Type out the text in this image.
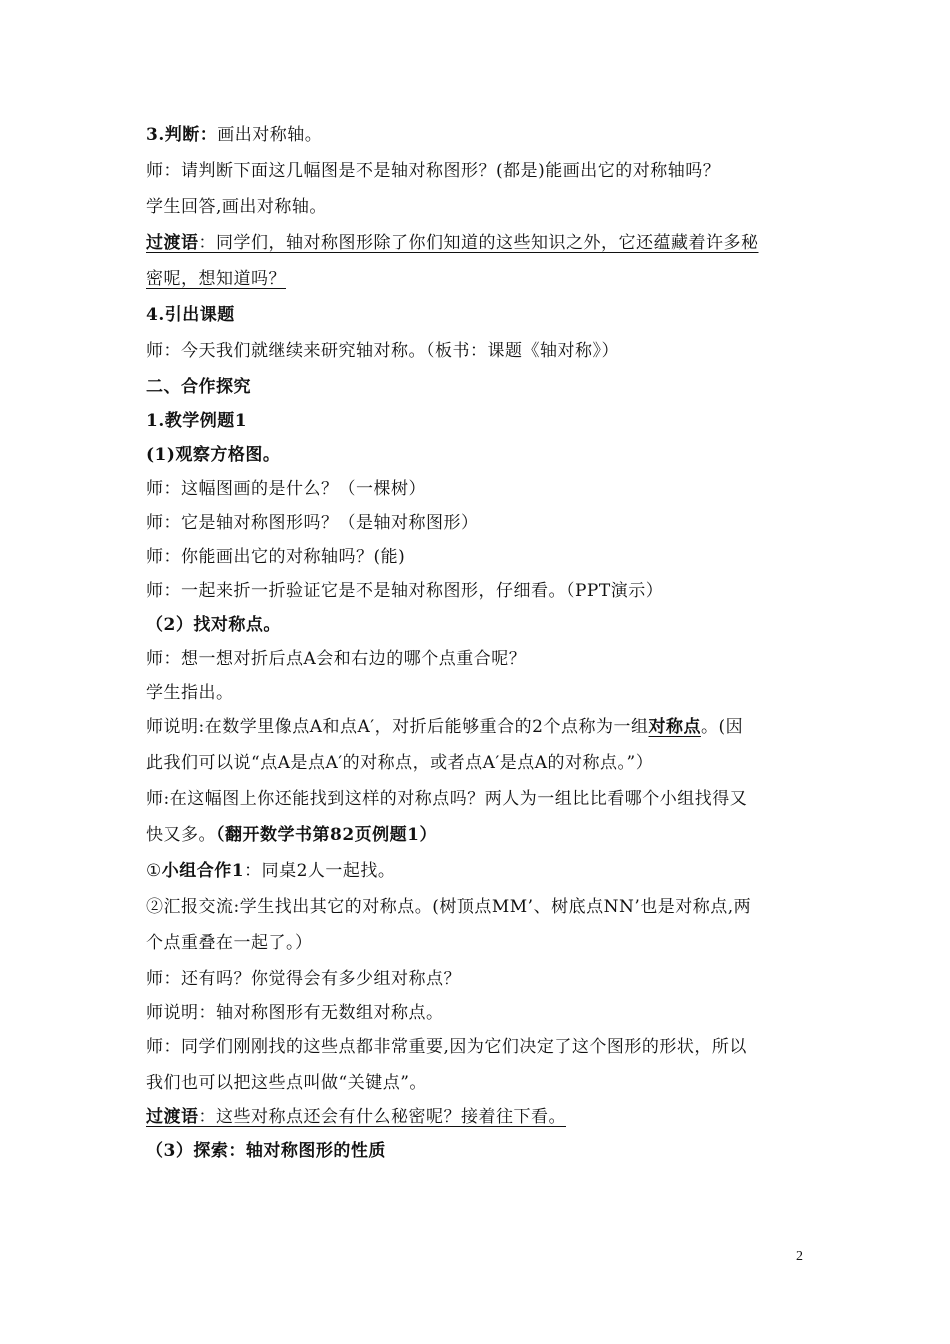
3.判断：画出对称轴。
师：请判断下面这几幅图是不是轴对称图形？(都是)能画出它的对称轴吗？
学生回答,画出对称轴。
过渡语：同学们，轴对称图形除了你们知道的这些知识之外，它还蕴藏着许多秘
密呢，想知道吗？
4.引出课题
师：今天我们就继续来研究轴对称。（板书：课题《轴对称》）
二、合作探究
1.教学例题1
(1)观察方格图。
师：这幅图画的是什么？（一棵树）
师：它是轴对称图形吗？（是轴对称图形）
师：你能画出它的对称轴吗？(能)
师：一起来折一折验证它是不是轴对称图形，仔细看。（PPT演示）
（2）找对称点。
师：想一想对折后点A会和右边的哪个点重合呢？
学生指出。
师说明:在数学里像点A和点A′，对折后能够重合的2个点称为一组对称点。(因
此我们可以说“点A是点A′的对称点，或者点A′是点A的对称点。”）
师:在这幅图上你还能找到这样的对称点吗？两人为一组比比看哪个小组找得又
快又多。（翻开数学书第82页例题1）
①小组合作1：同桌2人一起找。
②汇报交流:学生找出其它的对称点。(树顶点MM’、树底点NN’也是对称点,两
个点重叠在一起了。）
师：还有吗？你觉得会有多少组对称点？
师说明：轴对称图形有无数组对称点。
师：同学们刚刚找的这些点都非常重要,因为它们决定了这个图形的形状，所以
我们也可以把这些点叫做“关键点”。
过渡语：这些对称点还会有什么秘密呢？接着往下看。
（3）探索：轴对称图形的性质
2
